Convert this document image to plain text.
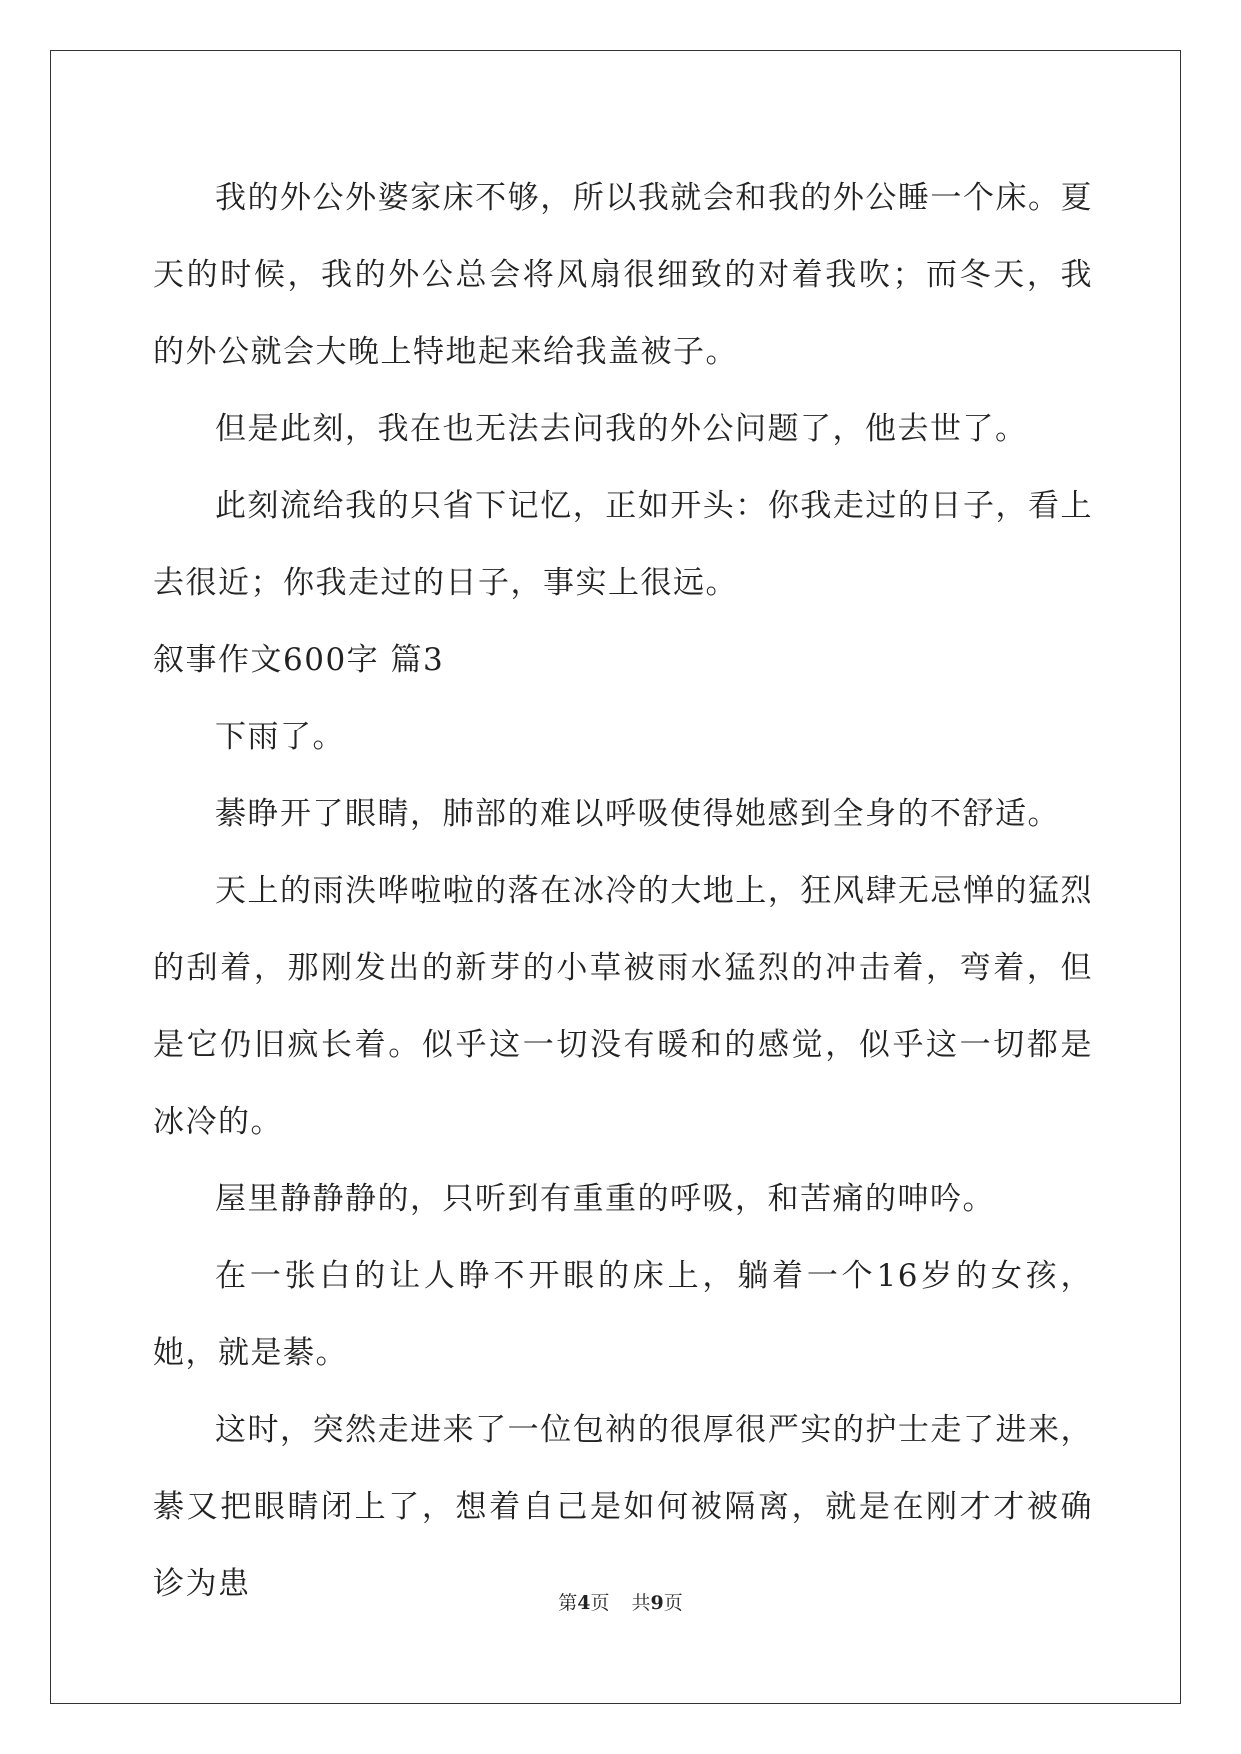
我的外公外婆家床不够，所以我就会和我的外公睡一个床。夏天的时候，我的外公总会将风扇很细致的对着我吹；而冬天，我的外公就会大晚上特地起来给我盖被子。

但是此刻，我在也无法去问我的外公问题了，他去世了。

此刻流给我的只省下记忆，正如开头：你我走过的日子，看上去很近；你我走过的日子，事实上很远。

叙事作文600字 篇3

下雨了。

綦睁开了眼睛，肺部的难以呼吸使得她感到全身的不舒适。

天上的雨泆哗啦啦的落在冰冷的大地上，狂风肆无忌惮的猛烈的刮着，那刚发出的新芽的小草被雨水猛烈的冲击着，弯着，但是它仍旧疯长着。似乎这一切没有暖和的感觉，似乎这一切都是冰冷的。

屋里静静静的，只听到有重重的呼吸，和苦痛的呻吟。

在一张白的让人睁不开眼的床上，躺着一个16岁的女孩，她，就是綦。

这时，突然走进来了一位包衲的很厚很严实的护士走了进来，綦又把眼睛闭上了，想着自己是如何被隔离，就是在刚才才被确诊为患

第4页 共9页
